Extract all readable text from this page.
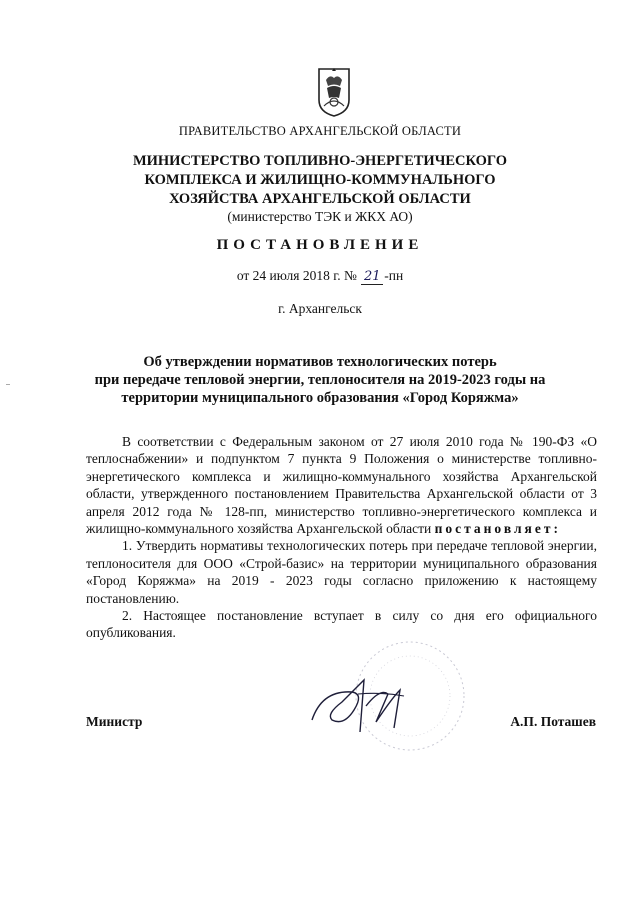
ПРАВИТЕЛЬСТВО АРХАНГЕЛЬСКОЙ ОБЛАСТИ
МИНИСТЕРСТВО ТОПЛИВНО-ЭНЕРГЕТИЧЕСКОГО
КОМПЛЕКСА И ЖИЛИЩНО-КОММУНАЛЬНОГО
ХОЗЯЙСТВА АРХАНГЕЛЬСКОЙ ОБЛАСТИ
(министерство ТЭК и ЖКХ АО)
ПОСТАНОВЛЕНИЕ
от 24 июля 2018 г. № 21 -пн
г. Архангельск
Об утверждении нормативов технологических потерь
при передаче тепловой энергии, теплоносителя на 2019-2023 годы на
территории муниципального образования «Город Коряжма»

В соответствии с Федеральным законом от 27 июля 2010 года № 190-ФЗ «О теплоснабжении» и подпунктом 7 пункта 9 Положения о министерстве топливно-энергетического комплекса и жилищно-коммунального хозяйства Архангельской области, утвержденного постановлением Правительства Архангельской области от 3 апреля 2012 года № 128-пп, министерство топливно-энергетического комплекса и жилищно-коммунального хозяйства Архангельской области постановляет:

1. Утвердить нормативы технологических потерь при передаче тепловой энергии, теплоносителя для ООО «Строй-базис» на территории муниципального образования «Город Коряжма» на 2019 - 2023 годы согласно приложению к настоящему постановлению.

2. Настоящее постановление вступает в силу со дня его официального опубликования.

Министр	А.П. Поташев
